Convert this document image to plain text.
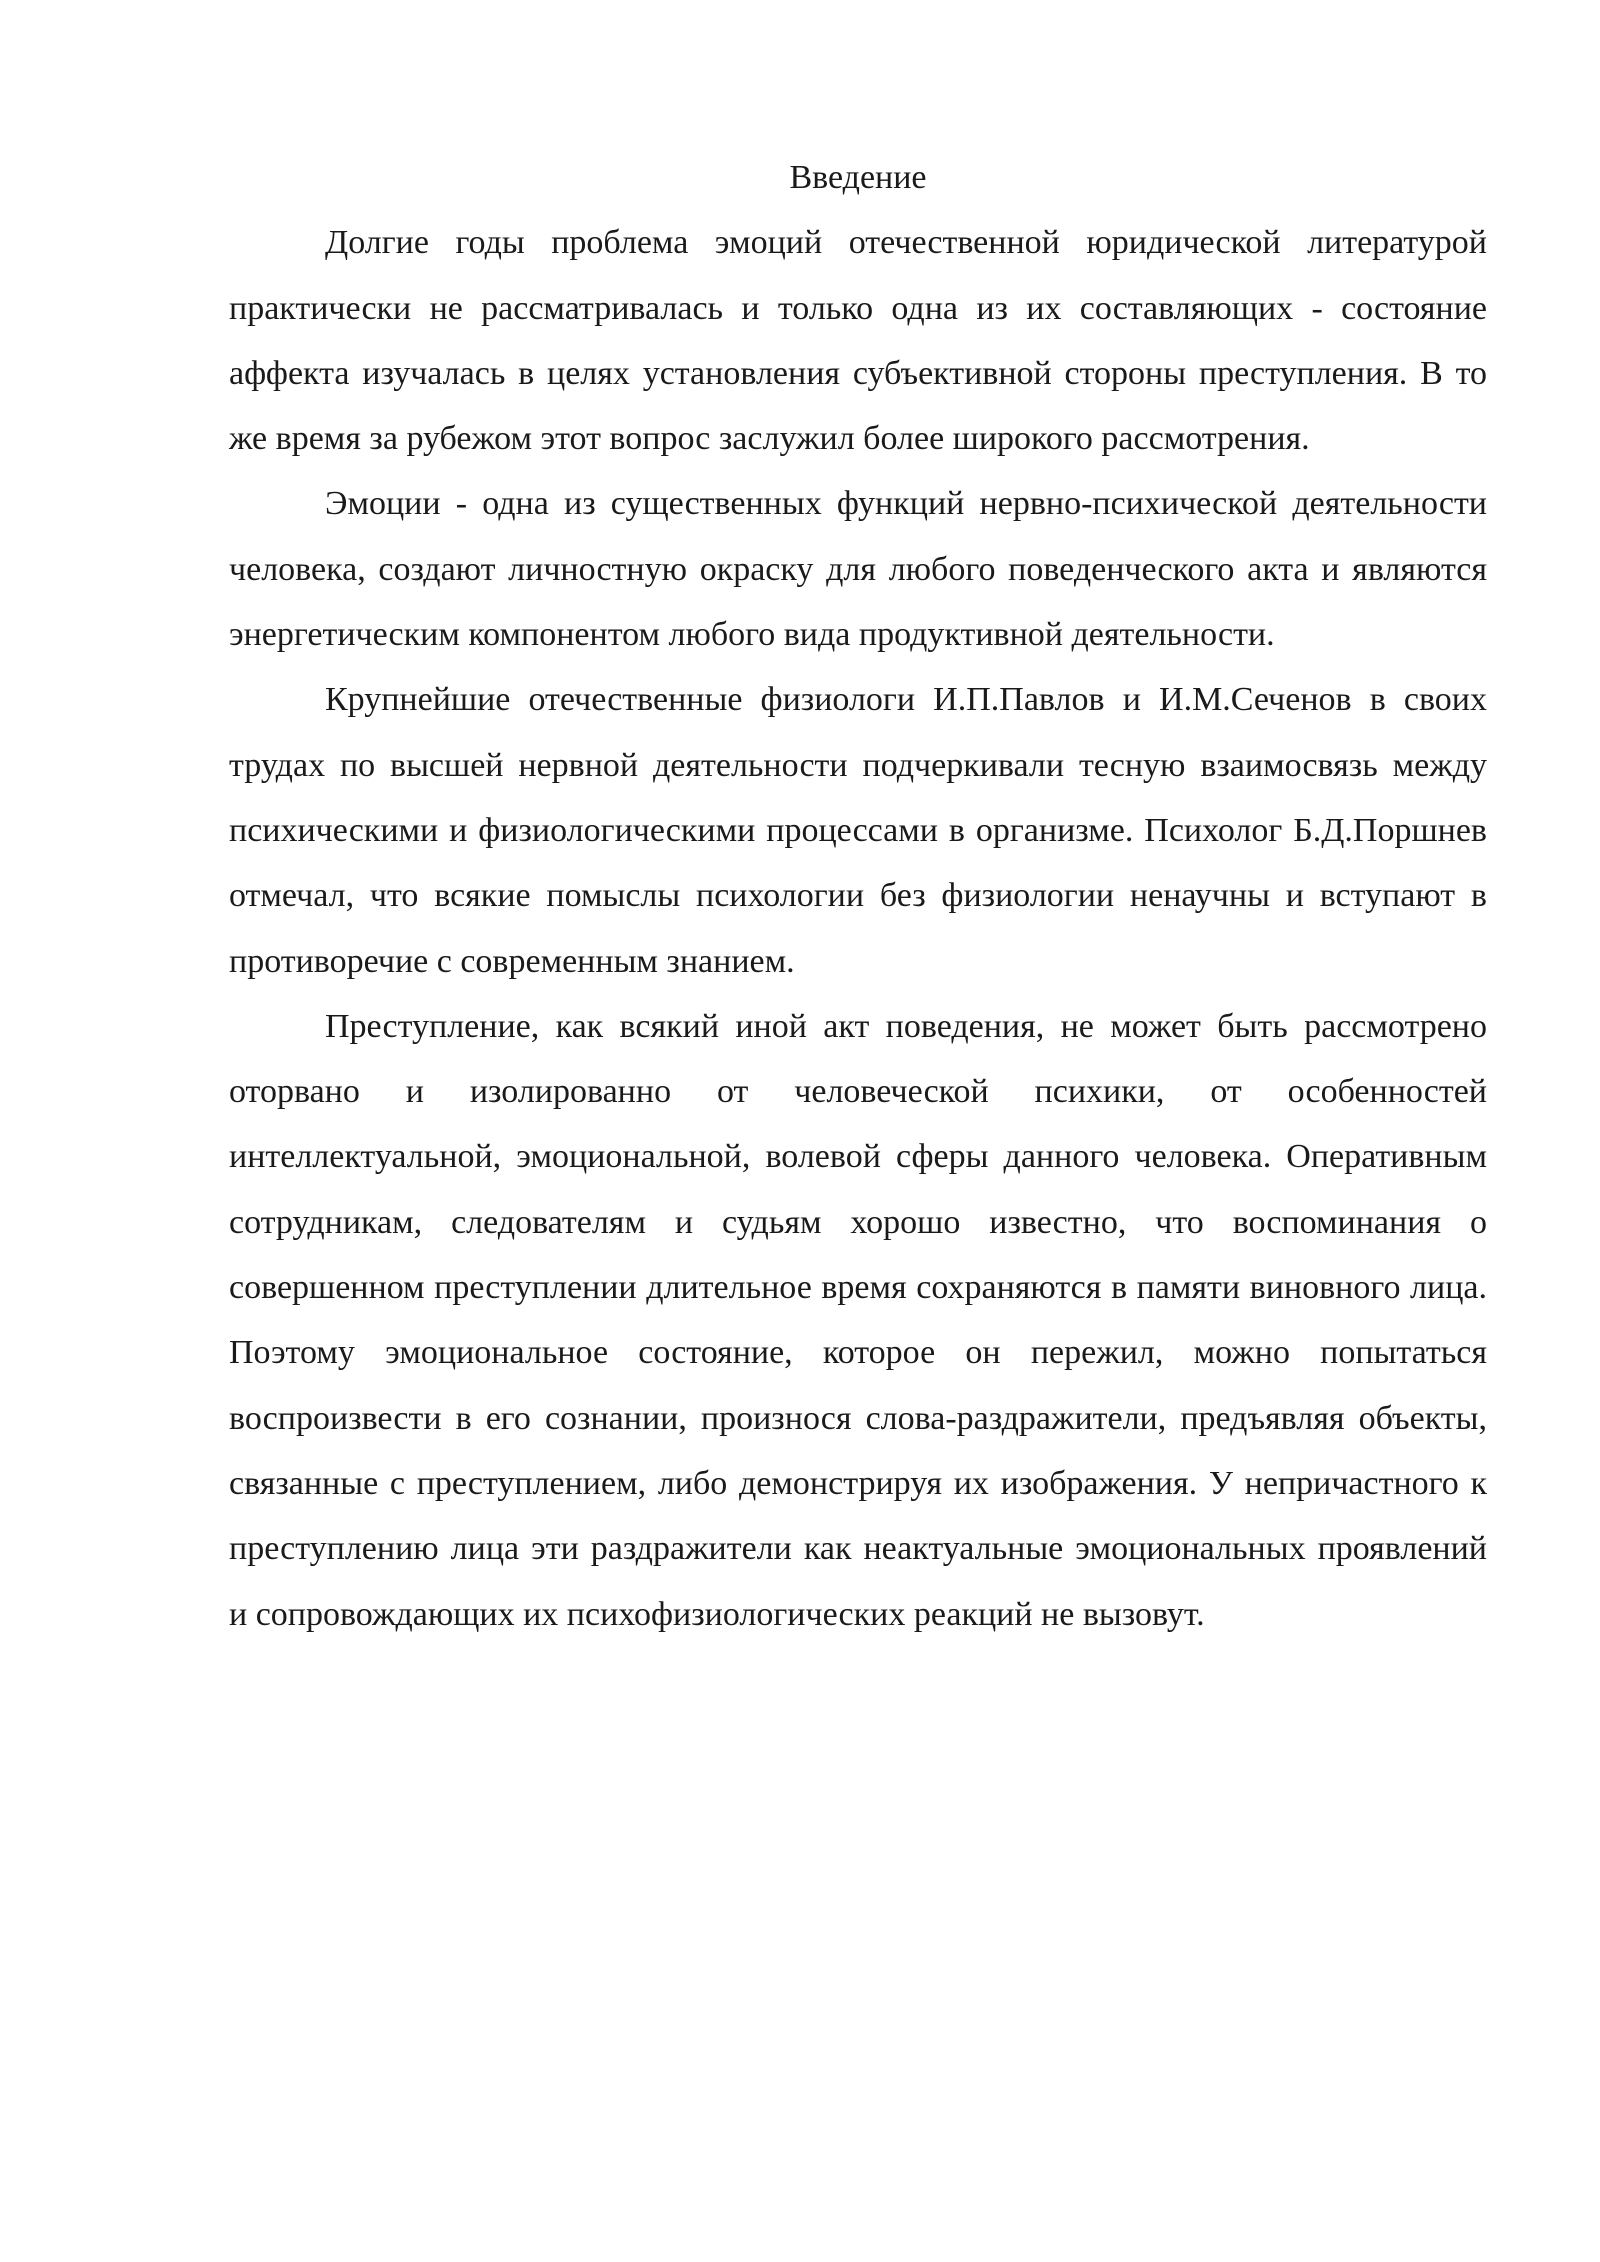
Введение

Долгие годы проблема эмоций отечественной юридической литературой практически не рассматривалась и только одна из их составляющих - состояние аффекта изучалась в целях установления субъективной стороны преступления. В то же время за рубежом этот вопрос заслужил более широкого рассмотрения.

Эмоции - одна из существенных функций нервно-психической деятельности человека, создают личностную окраску для любого поведенческого акта и являются энергетическим компонентом любого вида продуктивной деятельности.

Крупнейшие отечественные физиологи И.П.Павлов и И.М.Сеченов в своих трудах по высшей нервной деятельности подчеркивали тесную взаимосвязь между психическими и физиологическими процессами в организме. Психолог Б.Д.Поршнев отмечал, что всякие помыслы психологии без физиологии ненаучны и вступают в противоречие с современным знанием.

Преступление, как всякий иной акт поведения, не может быть рассмотрено оторвано и изолированно от человеческой психики, от особенностей интеллектуальной, эмоциональной, волевой сферы данного человека. Оперативным сотрудникам, следователям и судьям хорошо известно, что воспоминания о совершенном преступлении длительное время сохраняются в памяти виновного лица. Поэтому эмоциональное состояние, которое он пережил, можно попытаться воспроизвести в его сознании, произнося слова-раздражители, предъявляя объекты, связанные с преступлением, либо демонстрируя их изображения. У непричастного к преступлению лица эти раздражители как неактуальные эмоциональных проявлений и сопровождающих их психофизиологических реакций не вызовут.
